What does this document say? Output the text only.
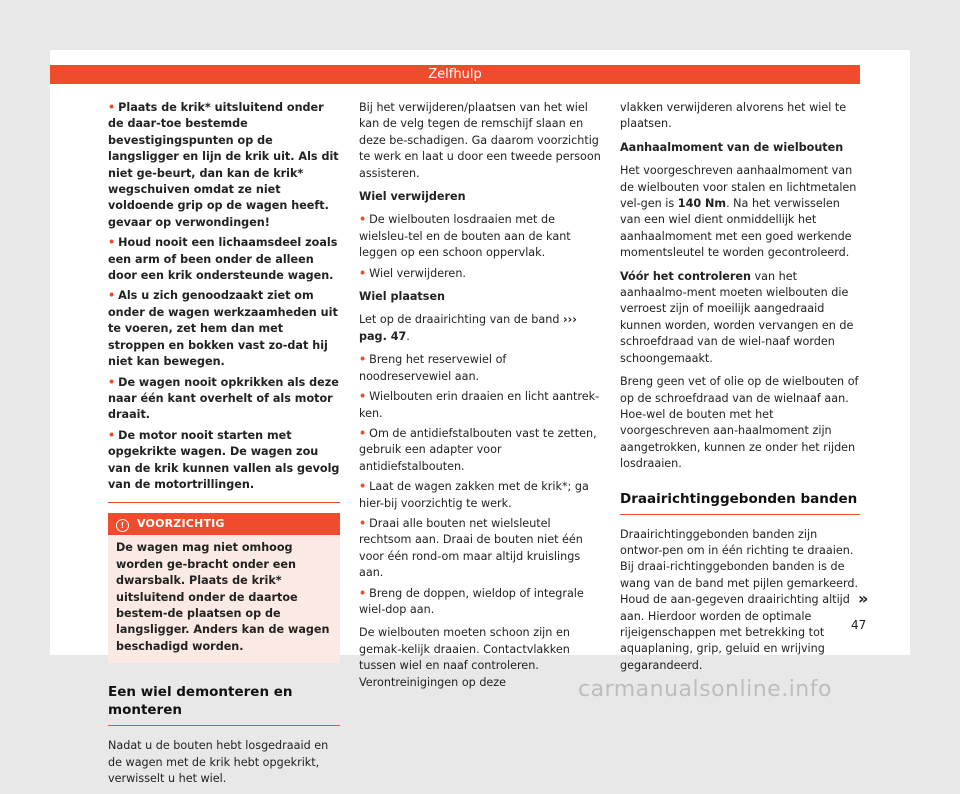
Zelfhulp
• Plaats de krik* uitsluitend onder de daar-toe bestemde bevestigingspunten op de langsligger en lijn de krik uit. Als dit niet ge-beurt, dan kan de krik* wegschuiven omdat ze niet voldoende grip op de wagen heeft. gevaar op verwondingen!
• Houd nooit een lichaamsdeel zoals een arm of been onder de alleen door een krik ondersteunde wagen.
• Als u zich genoodzaakt ziet om onder de wagen werkzaamheden uit te voeren, zet hem dan met stroppen en bokken vast zo-dat hij niet kan bewegen.
• De wagen nooit opkrikken als deze naar één kant overhelt of als motor draait.
• De motor nooit starten met opgekrikte wagen. De wagen zou van de krik kunnen vallen als gevolg van de motortrillingen.
! VOORZICHTIG
De wagen mag niet omhoog worden ge-bracht onder een dwarsbalk. Plaats de krik* uitsluitend onder de daartoe bestem-de plaatsen op de langsligger. Anders kan de wagen beschadigd worden.
Een wiel demonteren en monteren

Nadat u de bouten hebt losgedraaid en de wagen met de krik hebt opgekrikt, verwisselt u het wiel.

Bij het verwijderen/plaatsen van het wiel kan de velg tegen de remschijf slaan en deze be-schadigen. Ga daarom voorzichtig te werk en laat u door een tweede persoon assisteren.

Wiel verwijderen

• De wielbouten losdraaien met de wielsleu-tel en de bouten aan de kant leggen op een schoon oppervlak.
• Wiel verwijderen.

Wiel plaatsen

Let op de draairichting van de band ››› pag. 47.

• Breng het reservewiel of noodreservewiel aan.
• Wielbouten erin draaien en licht aantrek-ken.
• Om de antidiefstalbouten vast te zetten, gebruik een adapter voor antidiefstalbouten.
• Laat de wagen zakken met de krik*; ga hier-bij voorzichtig te werk.
• Draai alle bouten net wielsleutel rechtsom aan. Draai de bouten niet één voor één rond-om maar altijd kruislings aan.
• Breng de doppen, wieldop of integrale wiel-dop aan.

De wielbouten moeten schoon zijn en gemak-kelijk draaien. Contactvlakken tussen wiel en naaf controleren. Verontreinigingen op deze

vlakken verwijderen alvorens het wiel te plaatsen.

Aanhaalmoment van de wielbouten

Het voorgeschreven aanhaalmoment van de wielbouten voor stalen en lichtmetalen vel-gen is 140 Nm. Na het verwisselen van een wiel dient onmiddellijk het aanhaalmoment met een goed werkende momentsleutel te worden gecontroleerd.

Vóór het controleren van het aanhaalmo-ment moeten wielbouten die verroest zijn of moeilijk aangedraaid kunnen worden, worden vervangen en de schroefdraad van de wiel-naaf worden schoongemaakt.

Breng geen vet of olie op de wielbouten of op de schroefdraad van de wielnaaf aan. Hoe-wel de bouten met het voorgeschreven aan-haalmoment zijn aangetrokken, kunnen ze onder het rijden losdraaien.

Draairichtinggebonden banden

Draairichtinggebonden banden zijn ontwor-pen om in één richting te draaien. Bij draai-richtinggebonden banden is de wang van de band met pijlen gemarkeerd. Houd de aan-gegeven draairichting altijd aan. Hierdoor worden de optimale rijeigenschappen met betrekking tot aquaplaning, grip, geluid en wrijving gegarandeerd.

»
47
carmanualsonline.info
